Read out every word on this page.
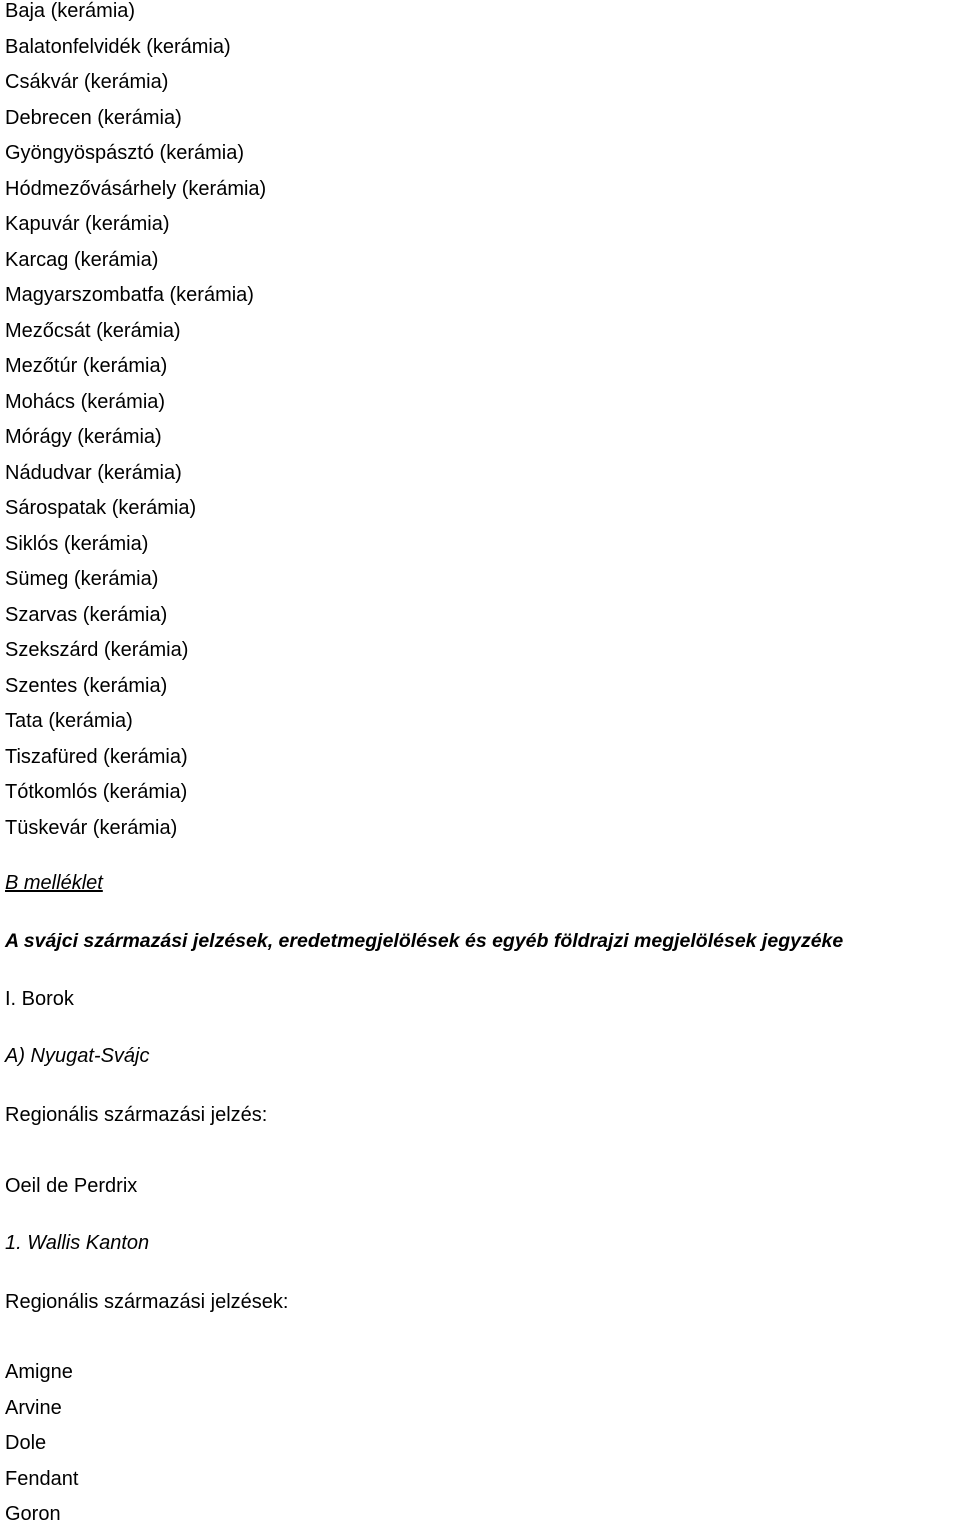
Baja (kerámia)
Balatonfelvidék (kerámia)
Csákvár (kerámia)
Debrecen (kerámia)
Gyöngyöspásztó (kerámia)
Hódmezővásárhely (kerámia)
Kapuvár (kerámia)
Karcag (kerámia)
Magyarszombatfa (kerámia)
Mezőcsát (kerámia)
Mezőtúr (kerámia)
Mohács (kerámia)
Mórágy (kerámia)
Nádudvar (kerámia)
Sárospatak (kerámia)
Siklós (kerámia)
Sümeg (kerámia)
Szarvas (kerámia)
Szekszárd (kerámia)
Szentes (kerámia)
Tata (kerámia)
Tiszafüred (kerámia)
Tótkomlós (kerámia)
Tüskevár (kerámia)
B melléklet
A svájci származási jelzések, eredetmegjelölések és egyéb földrajzi megjelölések jegyzéke
I. Borok
A) Nyugat-Svájc
Regionális származási jelzés:
Oeil de Perdrix
1. Wallis Kanton
Regionális származási jelzések:
Amigne
Arvine
Dole
Fendant
Goron
